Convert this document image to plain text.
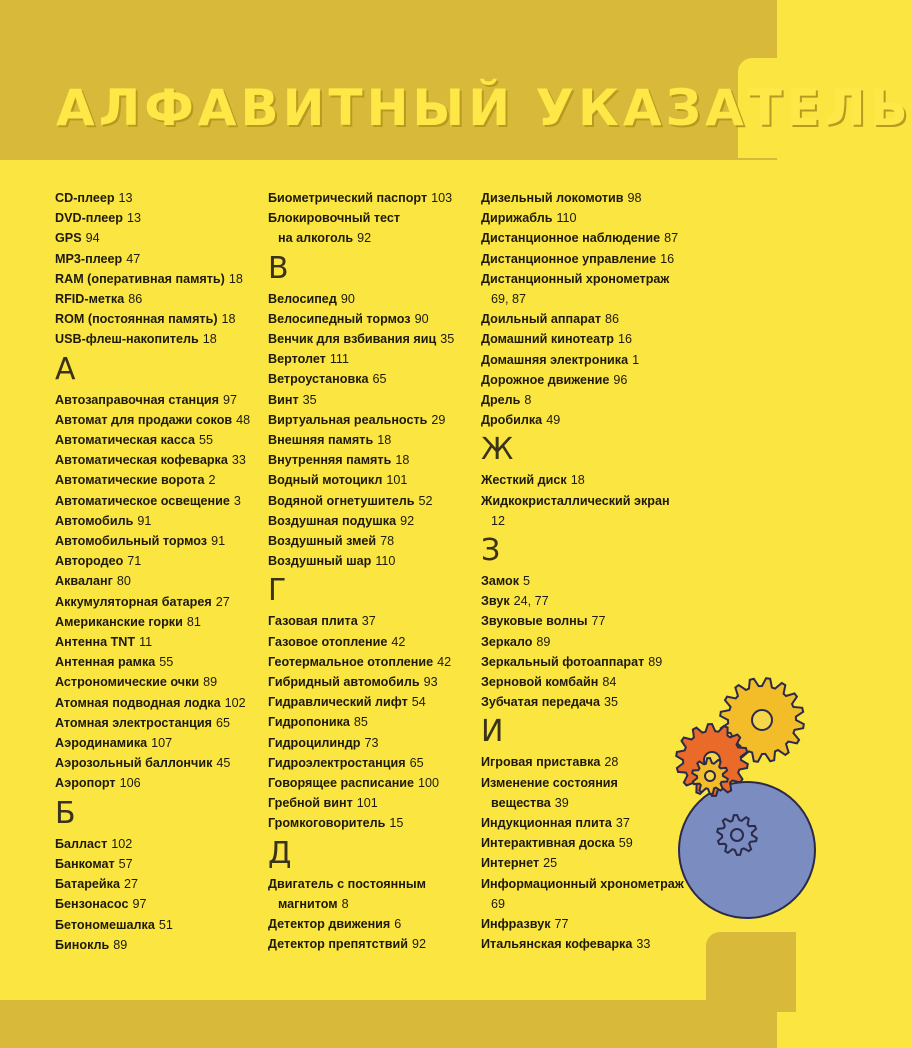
АЛФАВИТНЫЙ УКАЗАТЕЛЬ
CD-плеер 13
DVD-плеер 13
GPS 94
MP3-плеер 47
RAM (оперативная память) 18
RFID-метка 86
ROM (постоянная память) 18
USB-флеш-накопитель 18
А
Автозаправочная станция 97
Автомат для продажи соков 48
Автоматическая касса 55
Автоматическая кофеварка 33
Автоматические ворота 2
Автоматическое освещение 3
Автомобиль 91
Автомобильный тормоз 91
Автородео 71
Акваланг 80
Аккумуляторная батарея 27
Американские горки 81
Антенна TNT 11
Антенная рамка 55
Астрономические очки 89
Атомная подводная лодка 102
Атомная электростанция 65
Аэродинамика 107
Аэрозольный баллончик 45
Аэропорт 106
Б
Балласт 102
Банкомат 57
Батарейка 27
Бензонасос 97
Бетономешалка 51
Бинокль 89
Биометрический паспорт 103
Блокировочный тест
на алкоголь 92
В
Велосипед 90
Велосипедный тормоз 90
Венчик для взбивания яиц 35
Вертолет 111
Ветроустановка 65
Винт 35
Виртуальная реальность 29
Внешняя память 18
Внутренняя память 18
Водный мотоцикл 101
Водяной огнетушитель 52
Воздушная подушка 92
Воздушный змей 78
Воздушный шар 110
Г
Газовая плита 37
Газовое отопление 42
Геотермальное отопление 42
Гибридный автомобиль 93
Гидравлический лифт 54
Гидропоника 85
Гидроцилиндр 73
Гидроэлектростанция 65
Говорящее расписание 100
Гребной винт 101
Громкоговоритель 15
Д
Двигатель с постоянным
магнитом 8
Детектор движения 6
Детектор препятствий 92
Дизельный локомотив 98
Дирижабль 110
Дистанционное наблюдение 87
Дистанционное управление 16
Дистанционный хронометраж
69, 87
Доильный аппарат 86
Домашний кинотеатр 16
Домашняя электроника 1
Дорожное движение 96
Дрель 8
Дробилка 49
Ж
Жесткий диск 18
Жидкокристаллический экран
12
З
Замок 5
Звук 24, 77
Звуковые волны 77
Зеркало 89
Зеркальный фотоаппарат 89
Зерновой комбайн 84
Зубчатая передача 35
И
Игровая приставка 28
Изменение состояния
вещества 39
Индукционная плита 37
Интерактивная доска 59
Интернет 25
Информационный хронометраж
69
Инфразвук 77
Итальянская кофеварка 33
